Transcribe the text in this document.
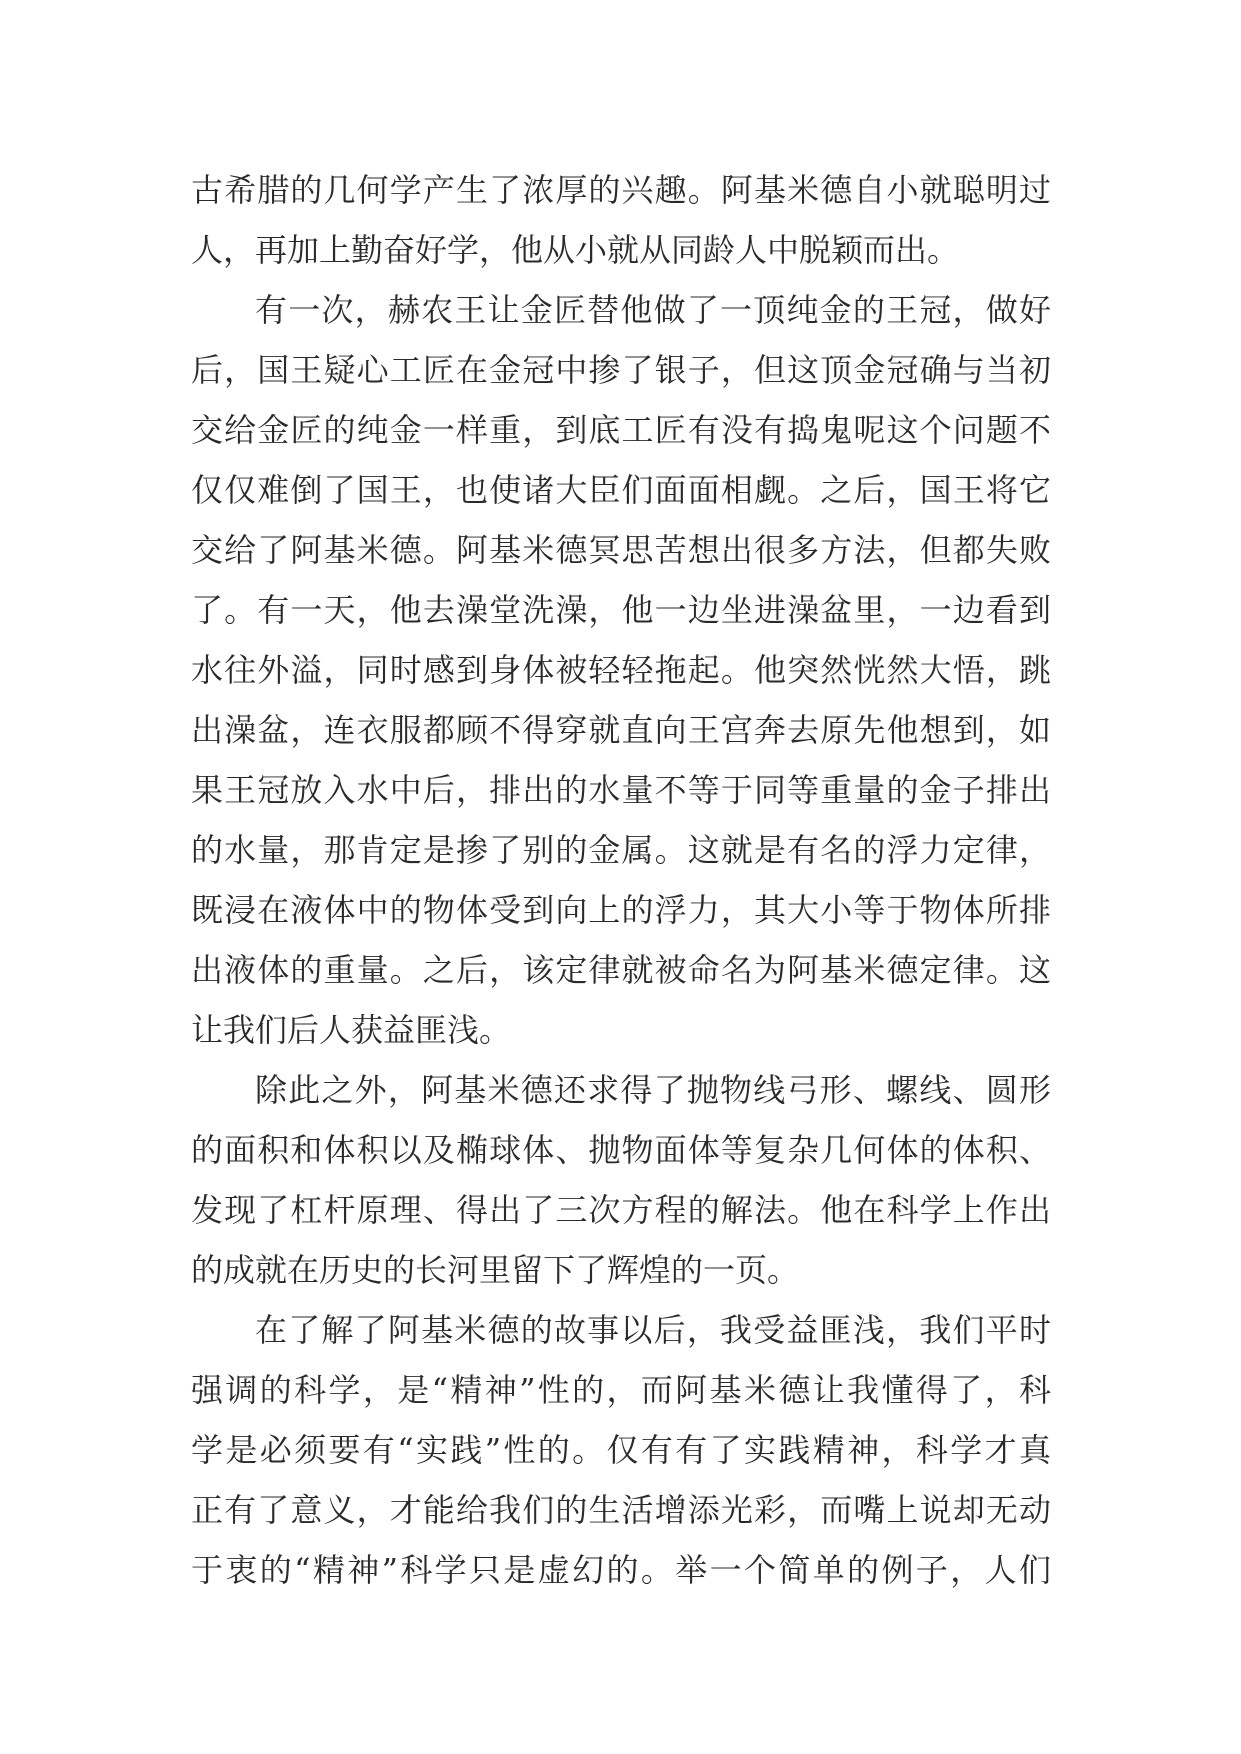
古希腊的几何学产生了浓厚的兴趣。阿基米德自小就聪明过
人，再加上勤奋好学，他从小就从同龄人中脱颖而出。
有一次，赫农王让金匠替他做了一顶纯金的王冠，做好
后，国王疑心工匠在金冠中掺了银子，但这顶金冠确与当初
交给金匠的纯金一样重，到底工匠有没有捣鬼呢这个问题不
仅仅难倒了国王，也使诸大臣们面面相觑。之后，国王将它
交给了阿基米德。阿基米德冥思苦想出很多方法，但都失败
了。有一天，他去澡堂洗澡，他一边坐进澡盆里，一边看到
水往外溢，同时感到身体被轻轻拖起。他突然恍然大悟，跳
出澡盆，连衣服都顾不得穿就直向王宫奔去原先他想到，如
果王冠放入水中后，排出的水量不等于同等重量的金子排出
的水量，那肯定是掺了别的金属。这就是有名的浮力定律，
既浸在液体中的物体受到向上的浮力，其大小等于物体所排
出液体的重量。之后，该定律就被命名为阿基米德定律。这
让我们后人获益匪浅。
除此之外，阿基米德还求得了抛物线弓形、螺线、圆形
的面积和体积以及椭球体、抛物面体等复杂几何体的体积、
发现了杠杆原理、得出了三次方程的解法。他在科学上作出
的成就在历史的长河里留下了辉煌的一页。
在了解了阿基米德的故事以后，我受益匪浅，我们平时
强调的科学，是“精神”性的，而阿基米德让我懂得了，科
学是必须要有“实践”性的。仅有有了实践精神，科学才真
正有了意义，才能给我们的生活增添光彩，而嘴上说却无动
于衷的“精神”科学只是虚幻的。举一个简单的例子，人们
